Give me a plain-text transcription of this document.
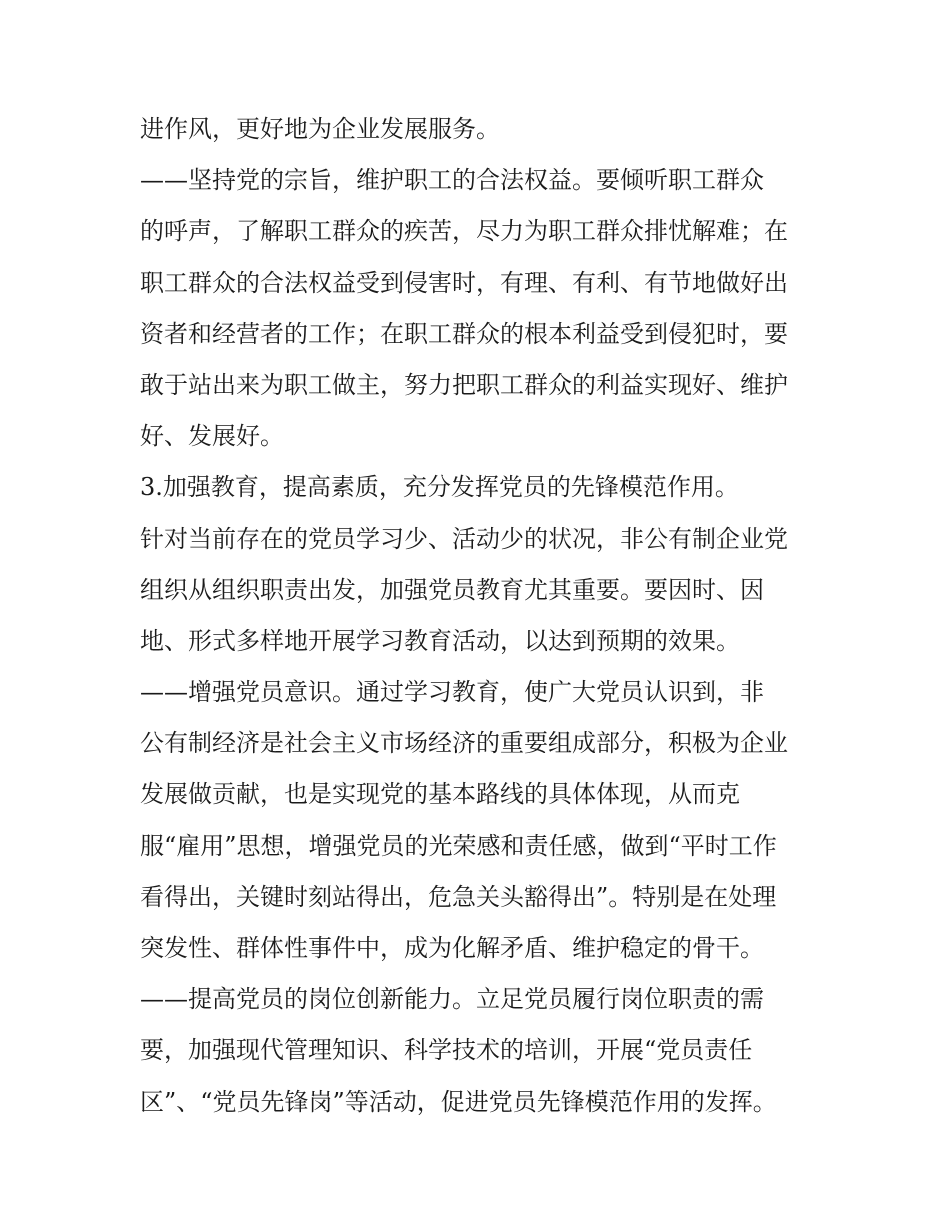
进作风，更好地为企业发展服务。

——坚持党的宗旨，维护职工的合法权益。要倾听职工群众

的呼声，了解职工群众的疾苦，尽力为职工群众排忧解难；在

职工群众的合法权益受到侵害时，有理、有利、有节地做好出

资者和经营者的工作；在职工群众的根本利益受到侵犯时，要

敢于站出来为职工做主，努力把职工群众的利益实现好、维护

好、发展好。

3.加强教育，提高素质，充分发挥党员的先锋模范作用。

针对当前存在的党员学习少、活动少的状况，非公有制企业党

组织从组织职责出发，加强党员教育尤其重要。要因时、因

地、形式多样地开展学习教育活动，以达到预期的效果。

——增强党员意识。通过学习教育，使广大党员认识到，非

公有制经济是社会主义市场经济的重要组成部分，积极为企业

发展做贡献，也是实现党的基本路线的具体体现，从而克

服“雇用”思想，增强党员的光荣感和责任感，做到“平时工作

看得出，关键时刻站得出，危急关头豁得出”。特别是在处理

突发性、群体性事件中，成为化解矛盾、维护稳定的骨干。

——提高党员的岗位创新能力。立足党员履行岗位职责的需

要，加强现代管理知识、科学技术的培训，开展“党员责任

区”、“党员先锋岗”等活动，促进党员先锋模范作用的发挥。
